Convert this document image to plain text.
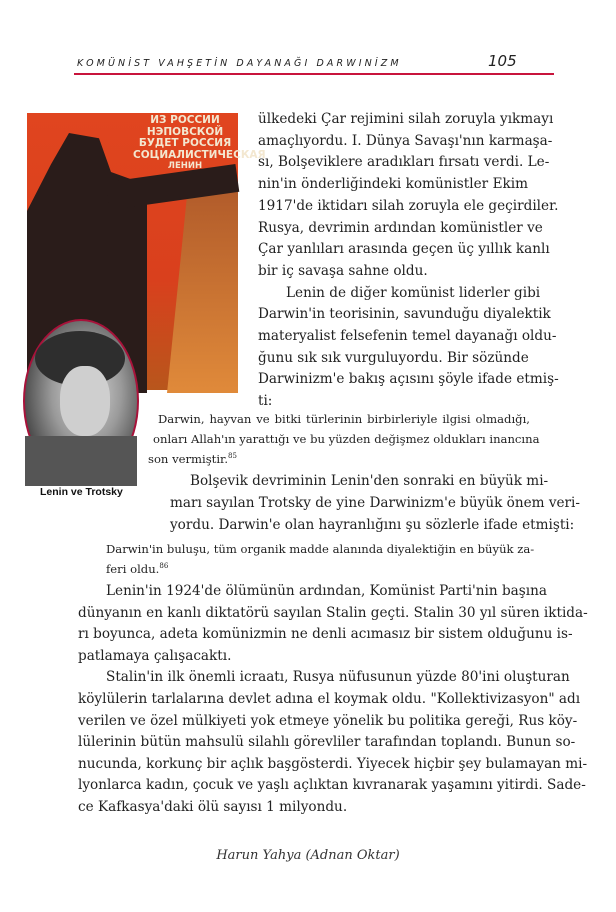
KOMÜNİST VAHŞETİN DAYANAĞI DARWINİZM	105
ИЗ РОССИИ
НЭПОВСКОЙ
БУДЕТ РОССИЯ
СОЦИАЛИСТИЧЕСКАЯ
ЛЕНИН
Lenin ve Trotsky
ülkedeki Çar rejimini silah zoruyla yıkmayı
amaçlıyordu. I. Dünya Savaşı'nın karmaşa-
sı, Bolşeviklere aradıkları fırsatı verdi. Le-
nin'in önderliğindeki komünistler Ekim
1917'de iktidarı silah zoruyla ele geçirdiler.
Rusya, devrimin ardından komünistler ve
Çar yanlıları arasında geçen üç yıllık kanlı
bir iç savaşa sahne oldu.
Lenin de diğer komünist liderler gibi
Darwin'in teorisinin, savunduğu diyalektik
materyalist felsefenin temel dayanağı oldu-
ğunu sık sık vurguluyordu. Bir sözünde
Darwinizm'e bakış açısını şöyle ifade etmiş-
ti:
Darwin, hayvan ve bitki türlerinin birbirleriyle ilgisi olmadığı,
onları Allah'ın yarattığı ve bu yüzden değişmez oldukları inancına
son vermiştir.$^{85}$
Bolşevik devriminin Lenin'den sonraki en büyük mi-
marı sayılan Trotsky de yine Darwinizm'e büyük önem veri-
yordu. Darwin'e olan hayranlığını şu sözlerle ifade etmişti:
Darwin'in buluşu, tüm organik madde alanında diyalektiğin en büyük za-
feri oldu.$^{86}$
Lenin'in 1924'de ölümünün ardından, Komünist Parti'nin başına
dünyanın en kanlı diktatörü sayılan Stalin geçti. Stalin 30 yıl süren iktida-
rı boyunca, adeta komünizmin ne denli acımasız bir sistem olduğunu is-
patlamaya çalışacaktı.
Stalin'in ilk önemli icraatı, Rusya nüfusunun yüzde 80'ini oluşturan
köylülerin tarlalarına devlet adına el koymak oldu. "Kollektivizasyon" adı
verilen ve özel mülkiyeti yok etmeye yönelik bu politika gereği, Rus köy-
lülerinin bütün mahsulü silahlı görevliler tarafından toplandı. Bunun so-
nucunda, korkunç bir açlık başgösterdi. Yiyecek hiçbir şey bulamayan mi-
lyonlarca kadın, çocuk ve yaşlı açlıktan kıvranarak yaşamını yitirdi. Sade-
ce Kafkasya'daki ölü sayısı 1 milyondu.
Harun Yahya (Adnan Oktar)
